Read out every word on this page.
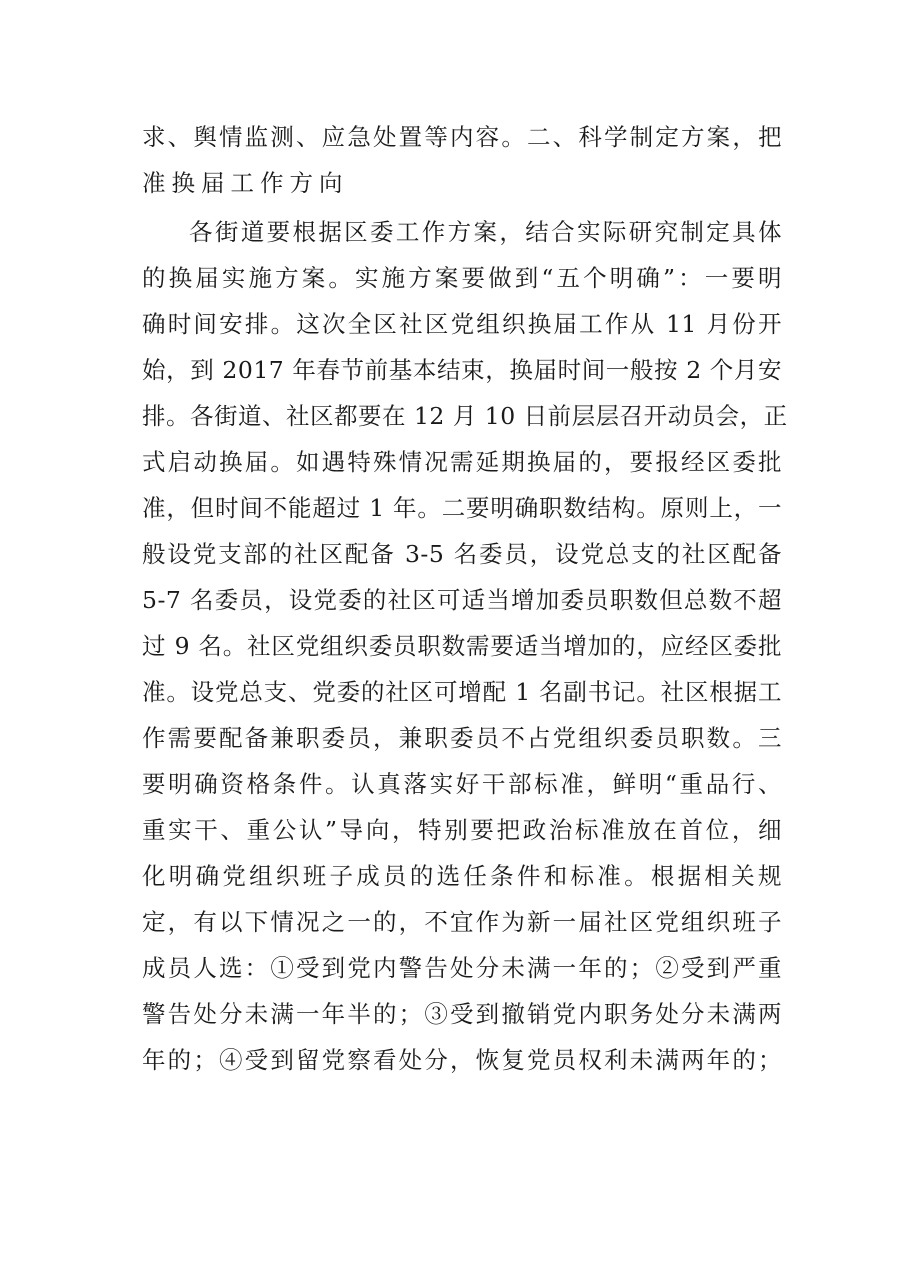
求、舆情监测、应急处置等内容。二、科学制定方案，把
准换届工作方向
各街道要根据区委工作方案，结合实际研究制定具体
的换届实施方案。实施方案要做到“五个明确”：一要明
确时间安排。这次全区社区党组织换届工作从 11 月份开
始，到 2017 年春节前基本结束，换届时间一般按 2 个月安
排。各街道、社区都要在 12 月 10 日前层层召开动员会，正
式启动换届。如遇特殊情况需延期换届的，要报经区委批
准，但时间不能超过 1 年。二要明确职数结构。原则上，一
般设党支部的社区配备 3-5 名委员，设党总支的社区配备
5-7 名委员，设党委的社区可适当增加委员职数但总数不超
过 9 名。社区党组织委员职数需要适当增加的，应经区委批
准。设党总支、党委的社区可增配 1 名副书记。社区根据工
作需要配备兼职委员，兼职委员不占党组织委员职数。三
要明确资格条件。认真落实好干部标准，鲜明“重品行、
重实干、重公认”导向，特别要把政治标准放在首位，细
化明确党组织班子成员的选任条件和标准。根据相关规
定，有以下情况之一的，不宜作为新一届社区党组织班子
成员人选：①受到党内警告处分未满一年的；②受到严重
警告处分未满一年半的；③受到撤销党内职务处分未满两
年的；④受到留党察看处分，恢复党员权利未满两年的；
